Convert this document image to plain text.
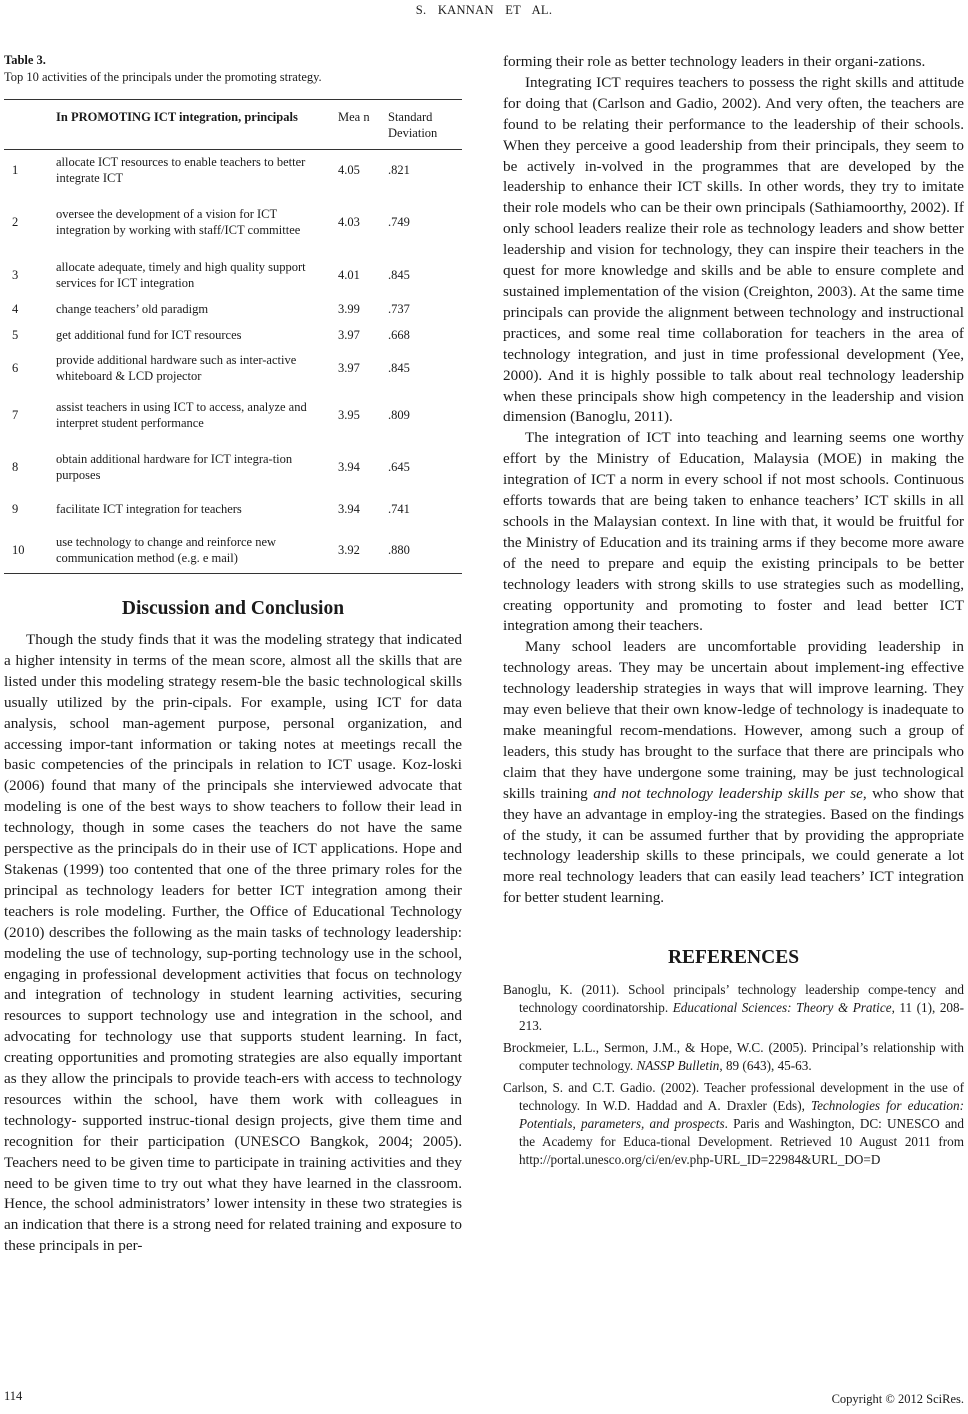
S. KANNAN ET AL.
Table 3.
Top 10 activities of the principals under the promoting strategy.
	In PROMOTING ICT integration, principals	Mea n	Standard Deviation
1	allocate ICT resources to enable teachers to better integrate ICT	4.05	.821
2	oversee the development of a vision for ICT integration by working with staff/ICT committee	4.03	.749
3	allocate adequate, timely and high quality support services for ICT integration	4.01	.845
4	change teachers’ old paradigm	3.99	.737
5	get additional fund for ICT resources	3.97	.668
6	provide additional hardware such as inter-active whiteboard & LCD projector	3.97	.845
7	assist teachers in using ICT to access, analyze and interpret student performance	3.95	.809
8	obtain additional hardware for ICT integra-tion purposes	3.94	.645
9	facilitate ICT integration for teachers	3.94	.741
10	use technology to change and reinforce new communication method (e.g. e mail)	3.92	.880
Discussion and Conclusion

Though the study finds that it was the modeling strategy that indicated a higher intensity in terms of the mean score, almost all the skills that are listed under this modeling strategy resem-ble the basic technological skills usually utilized by the prin-cipals. For example, using ICT for data analysis, school man-agement purpose, personal organization, and accessing impor-tant information or taking notes at meetings recall the basic competencies of the principals in relation to ICT usage. Koz-loski (2006) found that many of the principals she interviewed advocate that modeling is one of the best ways to show teachers to follow their lead in technology, though in some cases the teachers do not have the same perspective as the principals do in their use of ICT applications. Hope and Stakenas (1999) too contented that one of the three primary roles for the principal as technology leaders for better ICT integration among their teachers is role modeling. Further, the Office of Educational Technology (2010) describes the following as the main tasks of technology leadership: modeling the use of technology, sup-porting technology use in the school, engaging in professional development activities that focus on technology and integration of technology in student learning activities, securing resources to support technology use and integration in the school, and advocating for technology use that supports student learning. In fact, creating opportunities and promoting strategies are also equally important as they allow the principals to provide teach-ers with access to technology resources within the school, have them work with colleagues in technology- supported instruc-tional design projects, give them time and recognition for their participation (UNESCO Bangkok, 2004; 2005). Teachers need to be given time to participate in training activities and they need to be given time to try out what they have learned in the classroom. Hence, the school administrators’ lower intensity in these two strategies is an indication that there is a strong need for related training and exposure to these principals in per-

forming their role as better technology leaders in their organi-zations.

Integrating ICT requires teachers to possess the right skills and attitude for doing that (Carlson and Gadio, 2002). And very often, the teachers are found to be relating their performance to the leadership of their schools. When they perceive a good leadership from their principals, they seem to be actively in-volved in the programmes that are developed by the leadership to enhance their ICT skills. In other words, they try to imitate their role models who can be their own principals (Sathiamoorthy, 2002). If only school leaders realize their role as technology leaders and show better leadership and vision for technology, they can inspire their teachers in the quest for more knowledge and skills and be able to ensure complete and sustained implementation of the vision (Creighton, 2003). At the same time principals can provide the alignment between technology and instructional practices, and some real time collaboration for teachers in the area of technology integration, and just in time professional development (Yee, 2000). And it is highly possible to talk about real technology leadership when these principals show high competency in the leadership and vision dimension (Banoglu, 2011).

The integration of ICT into teaching and learning seems one worthy effort by the Ministry of Education, Malaysia (MOE) in making the integration of ICT a norm in every school if not most schools. Continuous efforts towards that are being taken to enhance teachers’ ICT skills in all schools in the Malaysian context. In line with that, it would be fruitful for the Ministry of Education and its training arms if they become more aware of the need to prepare and equip the existing principals to be better technology leaders with strong skills to use strategies such as modelling, creating opportunity and promoting to foster and lead better ICT integration among their teachers.

Many school leaders are uncomfortable providing leadership in technology areas. They may be uncertain about implement-ing effective technology leadership strategies in ways that will improve learning. They may even believe that their own know-ledge of technology is inadequate to make meaningful recom-mendations. However, among such a group of leaders, this study has brought to the surface that there are principals who claim that they have undergone some training, may be just technological skills training and not technology leadership skills per se, who show that they have an advantage in employ-ing the strategies. Based on the findings of the study, it can be assumed further that by providing the appropriate technology leadership skills to these principals, we could generate a lot more real technology leaders that can easily lead teachers’ ICT integration for better student learning.

REFERENCES
Banoglu, K. (2011). School principals’ technology leadership compe-tency and technology coordinatorship. Educational Sciences: Theory & Pratice, 11 (1), 208-213.
Brockmeier, L.L., Sermon, J.M., & Hope, W.C. (2005). Principal’s relationship with computer technology. NASSP Bulletin, 89 (643), 45-63.
Carlson, S. and C.T. Gadio. (2002). Teacher professional development in the use of technology. In W.D. Haddad and A. Draxler (Eds), Technologies for education: Potentials, parameters, and prospects. Paris and Washington, DC: UNESCO and the Academy for Educa-tional Development. Retrieved 10 August 2011 from http://portal.unesco.org/ci/en/ev.php-URL_ID=22984&URL_DO=D
114	Copyright © 2012 SciRes.
